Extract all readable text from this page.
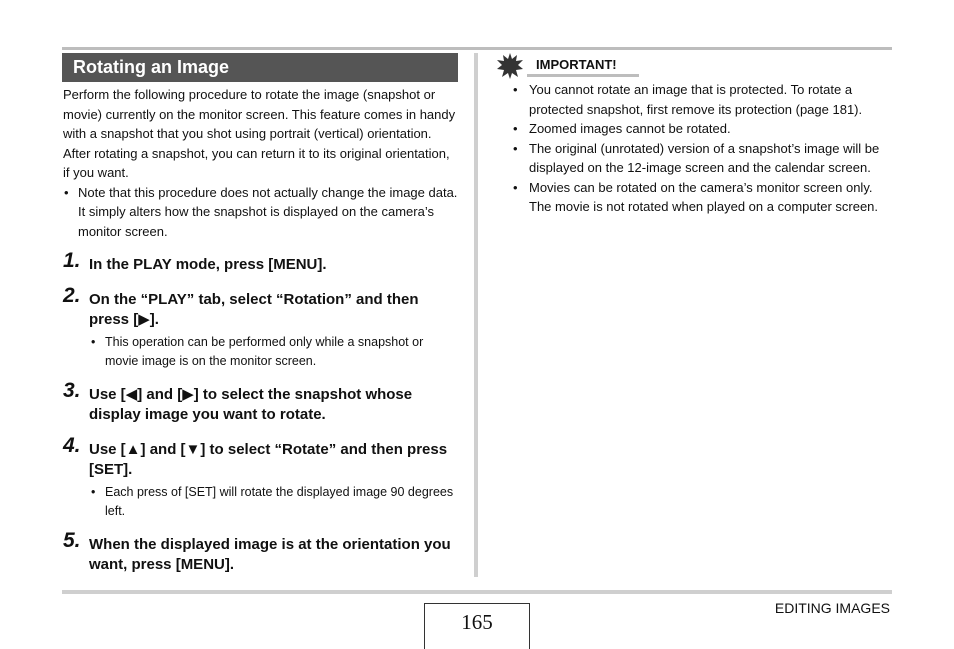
Rotating an Image

Perform the following procedure to rotate the image (snapshot or movie) currently on the monitor screen. This feature comes in handy with a snapshot that you shot using portrait (vertical) orientation. After rotating a snapshot, you can return it to its original orientation, if you want.

• Note that this procedure does not actually change the image data. It simply alters how the snapshot is displayed on the camera’s monitor screen.
1. In the PLAY mode, press [MENU].

2. On the “PLAY” tab, select “Rotation” and then press [▶].

• This operation can be performed only while a snapshot or movie image is on the monitor screen.
3. Use [◀] and [▶] to select the snapshot whose display image you want to rotate.

4. Use [▲] and [▼] to select “Rotate” and then press [SET].

• Each press of [SET] will rotate the displayed image 90 degrees left.
5. When the displayed image is at the orientation you want, press [MENU].

IMPORTANT!
• You cannot rotate an image that is protected. To rotate a protected snapshot, first remove its protection (page 181).
• Zoomed images cannot be rotated.
• The original (unrotated) version of a snapshot’s image will be displayed on the 12-image screen and the calendar screen.
• Movies can be rotated on the camera’s monitor screen only. The movie is not rotated when played on a computer screen.
165
EDITING IMAGES
